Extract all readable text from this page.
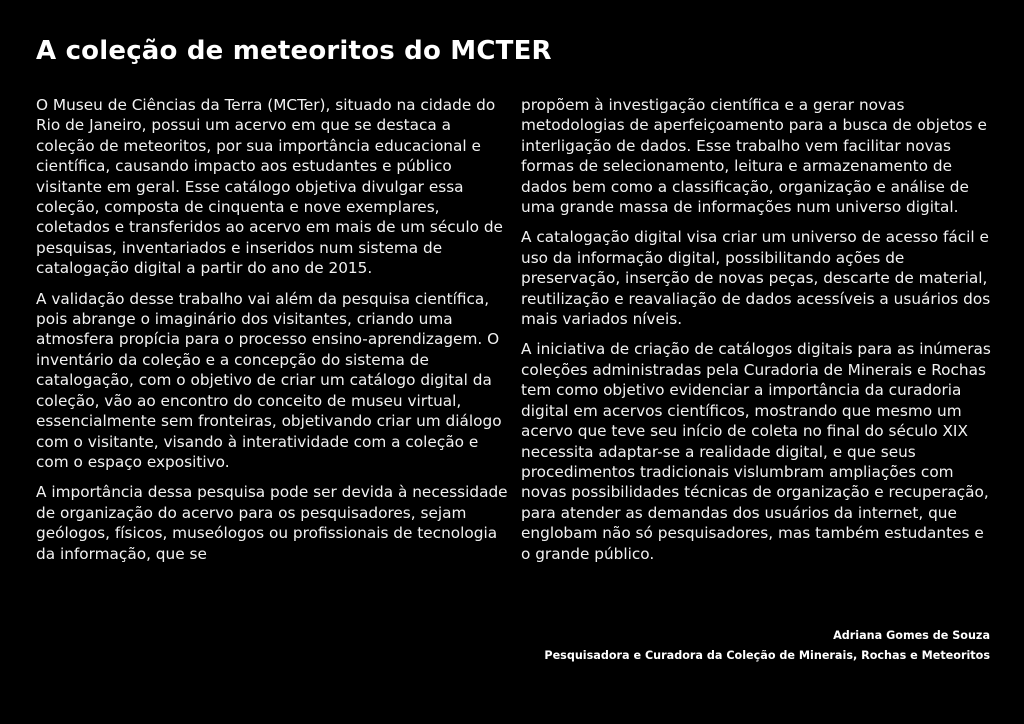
A coleção de meteoritos do MCTER

O Museu de Ciências da Terra (MCTer), situado na cidade do Rio de Janeiro, possui um acervo em que se destaca a coleção de meteoritos, por sua importância educacional e científica, causando impacto aos estudantes e público visitante em geral. Esse catálogo objetiva divulgar essa coleção, composta de cinquenta e nove exemplares, coletados e transferidos ao acervo em mais de um século de pesquisas, inventariados e inseridos num sistema de catalogação digital a partir do ano de 2015.

A validação desse trabalho vai além da pesquisa científica, pois abrange o imaginário dos visitantes, criando uma atmosfera propícia para o processo ensino-aprendizagem. O inventário da coleção e a concepção do sistema de catalogação, com o objetivo de criar um catálogo digital da coleção, vão ao encontro do conceito de museu virtual, essencialmente sem fronteiras, objetivando criar um diálogo com o visitante, visando à interatividade com a coleção e com o espaço expositivo.

A importância dessa pesquisa pode ser devida à necessidade de organização do acervo para os pesquisadores, sejam geólogos, físicos, museólogos ou profissionais de tecnologia da informação, que se

propõem à investigação científica e a gerar novas metodologias de aperfeiçoamento para a busca de objetos e interligação de dados. Esse trabalho vem facilitar novas formas de selecionamento, leitura e armazenamento de dados bem como a classificação, organização e análise de uma grande massa de informações num universo digital.

A catalogação digital visa criar um universo de acesso fácil e uso da informação digital, possibilitando ações de preservação, inserção de novas peças, descarte de material, reutilização e reavaliação de dados acessíveis a usuários dos mais variados níveis.

A iniciativa de criação de catálogos digitais para as inúmeras coleções administradas pela Curadoria de Minerais e Rochas tem como objetivo evidenciar a importância da curadoria digital em acervos científicos, mostrando que mesmo um acervo que teve seu início de coleta no final do século XIX necessita adaptar-se a realidade digital, e que seus procedimentos tradicionais vislumbram ampliações com novas possibilidades técnicas de organização e recuperação, para atender as demandas dos usuários da internet, que englobam não só pesquisadores, mas também estudantes e o grande público.

Adriana Gomes de Souza
Pesquisadora e Curadora da Coleção de Minerais, Rochas e Meteoritos
